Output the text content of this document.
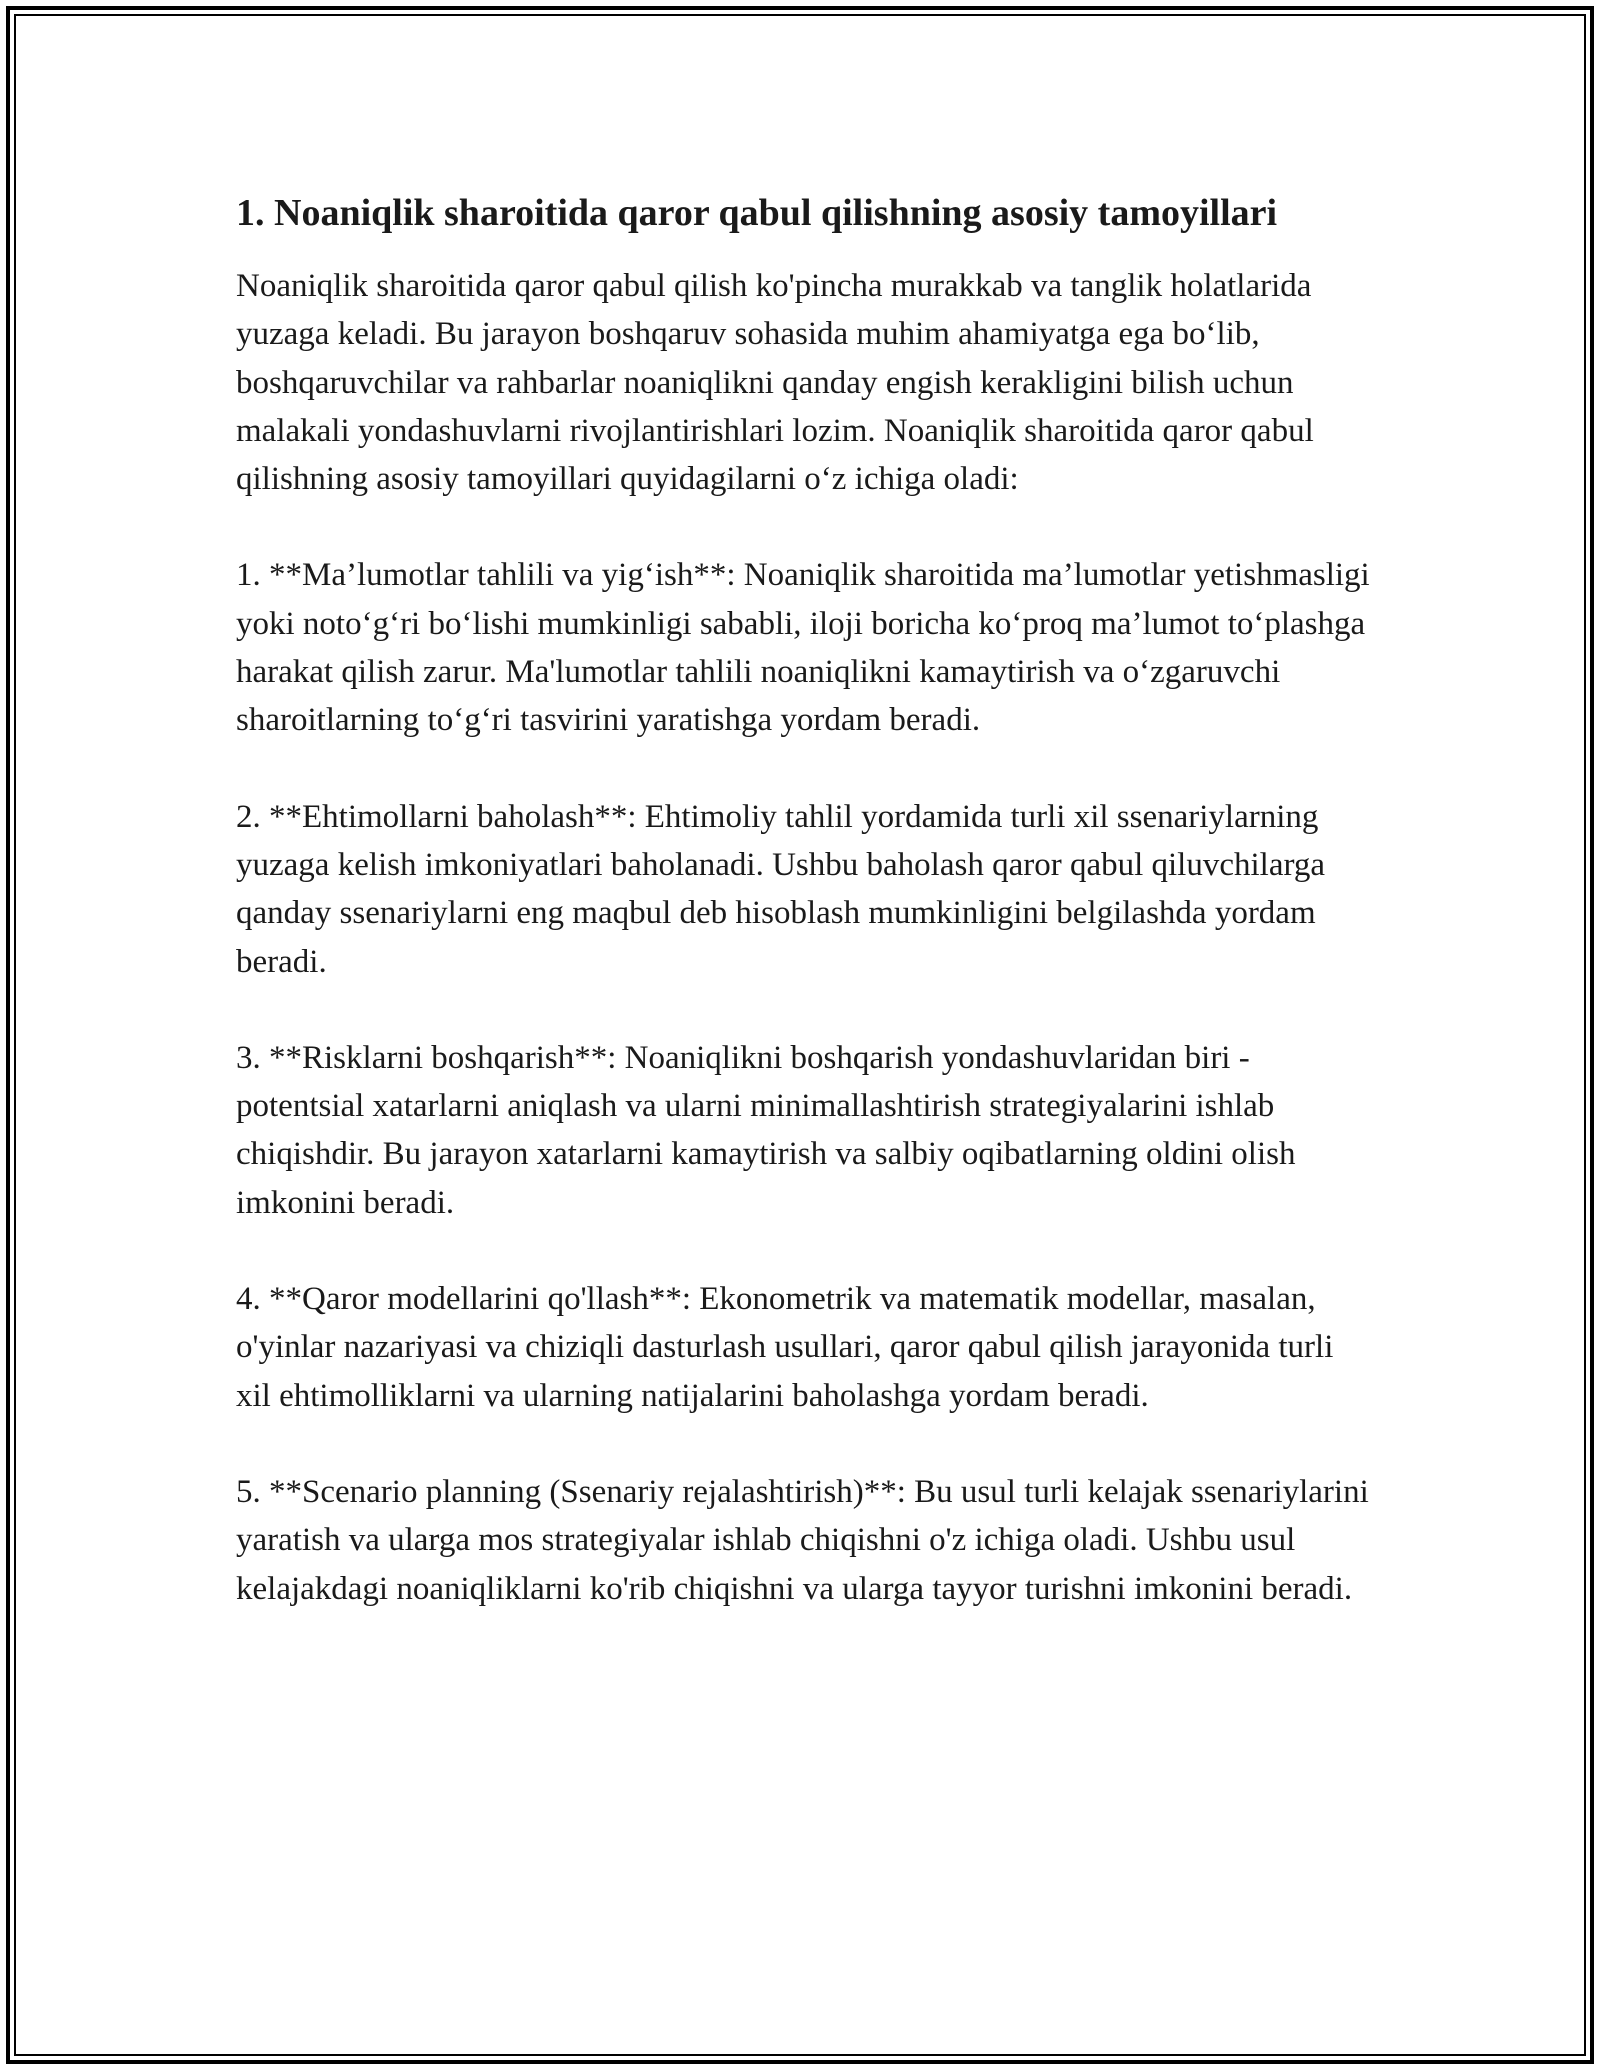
1. Noaniqlik sharoitida qaror qabul qilishning asosiy tamoyillari

Noaniqlik sharoitida qaror qabul qilish ko'pincha murakkab va tanglik holatlarida yuzaga keladi. Bu jarayon boshqaruv sohasida muhim ahamiyatga ega bo‘lib, boshqaruvchilar va rahbarlar noaniqlikni qanday engish kerakligini bilish uchun malakali yondashuvlarni rivojlantirishlari lozim. Noaniqlik sharoitida qaror qabul qilishning asosiy tamoyillari quyidagilarni o‘z ichiga oladi:

1. **Ma’lumotlar tahlili va yig‘ish**: Noaniqlik sharoitida ma’lumotlar yetishmasligi yoki noto‘g‘ri bo‘lishi mumkinligi sababli, iloji boricha ko‘proq ma’lumot to‘plashga harakat qilish zarur. Ma'lumotlar tahlili noaniqlikni kamaytirish va o‘zgaruvchi sharoitlarning to‘g‘ri tasvirini yaratishga yordam beradi.

2. **Ehtimollarni baholash**: Ehtimoliy tahlil yordamida turli xil ssenariylarning yuzaga kelish imkoniyatlari baholanadi. Ushbu baholash qaror qabul qiluvchilarga qanday ssenariylarni eng maqbul deb hisoblash mumkinligini belgilashda yordam beradi.

3. **Risklarni boshqarish**: Noaniqlikni boshqarish yondashuvlaridan biri - potentsial xatarlarni aniqlash va ularni minimallashtirish strategiyalarini ishlab chiqishdir. Bu jarayon xatarlarni kamaytirish va salbiy oqibatlarning oldini olish imkonini beradi.

4. **Qaror modellarini qo'llash**: Ekonometrik va matematik modellar, masalan, o'yinlar nazariyasi va chiziqli dasturlash usullari, qaror qabul qilish jarayonida turli xil ehtimolliklarni va ularning natijalarini baholashga yordam beradi.

5. **Scenario planning (Ssenariy rejalashtirish)**: Bu usul turli kelajak ssenariylarini yaratish va ularga mos strategiyalar ishlab chiqishni o'z ichiga oladi. Ushbu usul kelajakdagi noaniqliklarni ko'rib chiqishni va ularga tayyor turishni imkonini beradi.
